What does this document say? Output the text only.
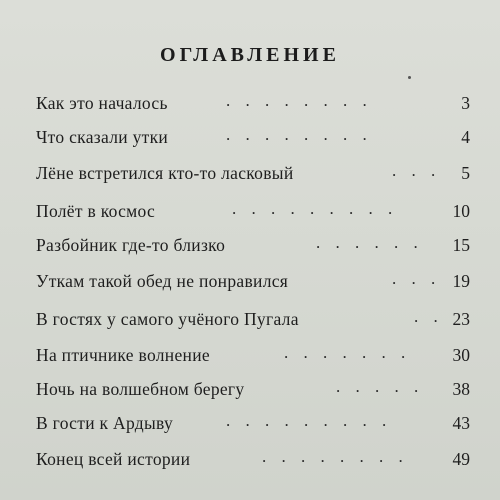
ОГЛАВЛЕНИЕ
Как это началось	. . . . . . . .	3
Что сказали утки	. . . . . . . .	4
Лёне встретился кто-то ласковый	. . . 5
Полёт в космос	. . . . . . . . .	10
Разбойник где-то близко	. . . . . . 15
Уткам такой обед не понравился	. . . 19
В гостях у самого учёного Пугала	. . 23
На птичнике волнение	. . . . . . .	30
Ночь на волшебном берегу	. . . . . 38
В гости к Ардыву	. . . . . . . . .	43
Конец всей истории	. . . . . . . .	49
